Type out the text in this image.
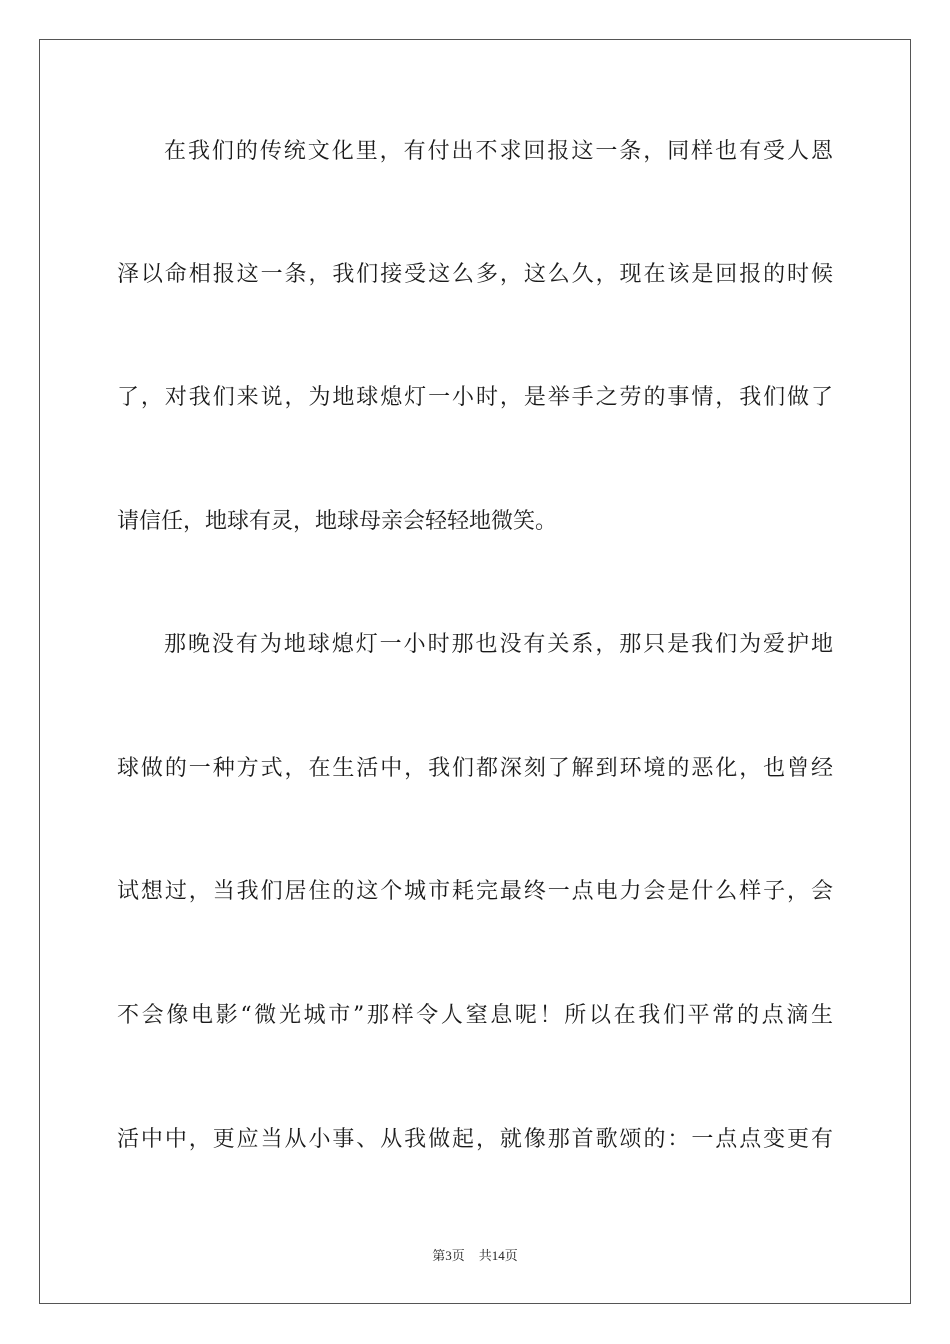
在我们的传统文化里，有付出不求回报这一条，同样也有受人恩
泽以命相报这一条，我们接受这么多，这么久，现在该是回报的时候
了，对我们来说，为地球熄灯一小时，是举手之劳的事情，我们做了
请信任，地球有灵，地球母亲会轻轻地微笑。
那晚没有为地球熄灯一小时那也没有关系，那只是我们为爱护地
球做的一种方式，在生活中，我们都深刻了解到环境的恶化，也曾经
试想过，当我们居住的这个城市耗完最终一点电力会是什么样子，会
不会像电影“微光城市”那样令人窒息呢！所以在我们平常的点滴生
活中中，更应当从小事、从我做起，就像那首歌颂的：一点点变更有
第3页 共14页
